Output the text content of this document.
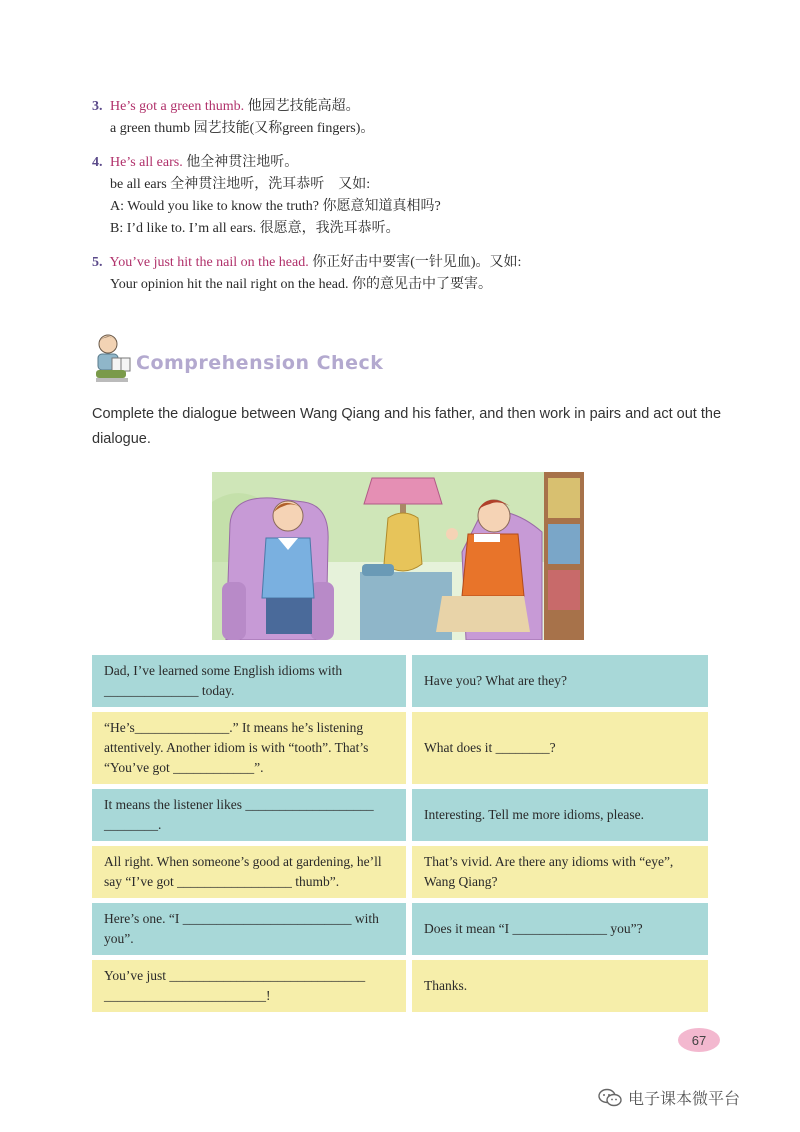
3. He’s got a green thumb. 他园艺技能高超。
a green thumb 园艺技能(又称green fingers)。
4. He’s all ears. 他全神贯注地听。
be all ears 全神贯注地听，洗耳恭听　又如:
A: Would you like to know the truth? 你愿意知道真相吗?
B: I’d like to. I’m all ears. 很愿意，我洗耳恭听。
5. You’ve just hit the nail on the head. 你正好击中要害(一针见血)。又如:
Your opinion hit the nail right on the head. 你的意见击中了要害。
Comprehension Check
Complete the dialogue between Wang Qiang and his father, and then work in pairs and act out the dialogue.
Dad, I’ve learned some English idioms with ______________ today.
Have you? What are they?
“He’s______________.” It means he’s listening attentively. Another idiom is with “tooth”. That’s “You’ve got ____________”.
What does it ________?
It means the listener likes ___________________ ________.
Interesting. Tell me more idioms, please.
All right. When someone’s good at gardening, he’ll say “I’ve got _________________ thumb”.
That’s vivid. Are there any idioms with “eye”, Wang Qiang?
Here’s one. “I _________________________ with you”.
Does it mean “I ______________ you”?
You’ve just _____________________________ ________________________!
Thanks.
67
电子课本微平台
